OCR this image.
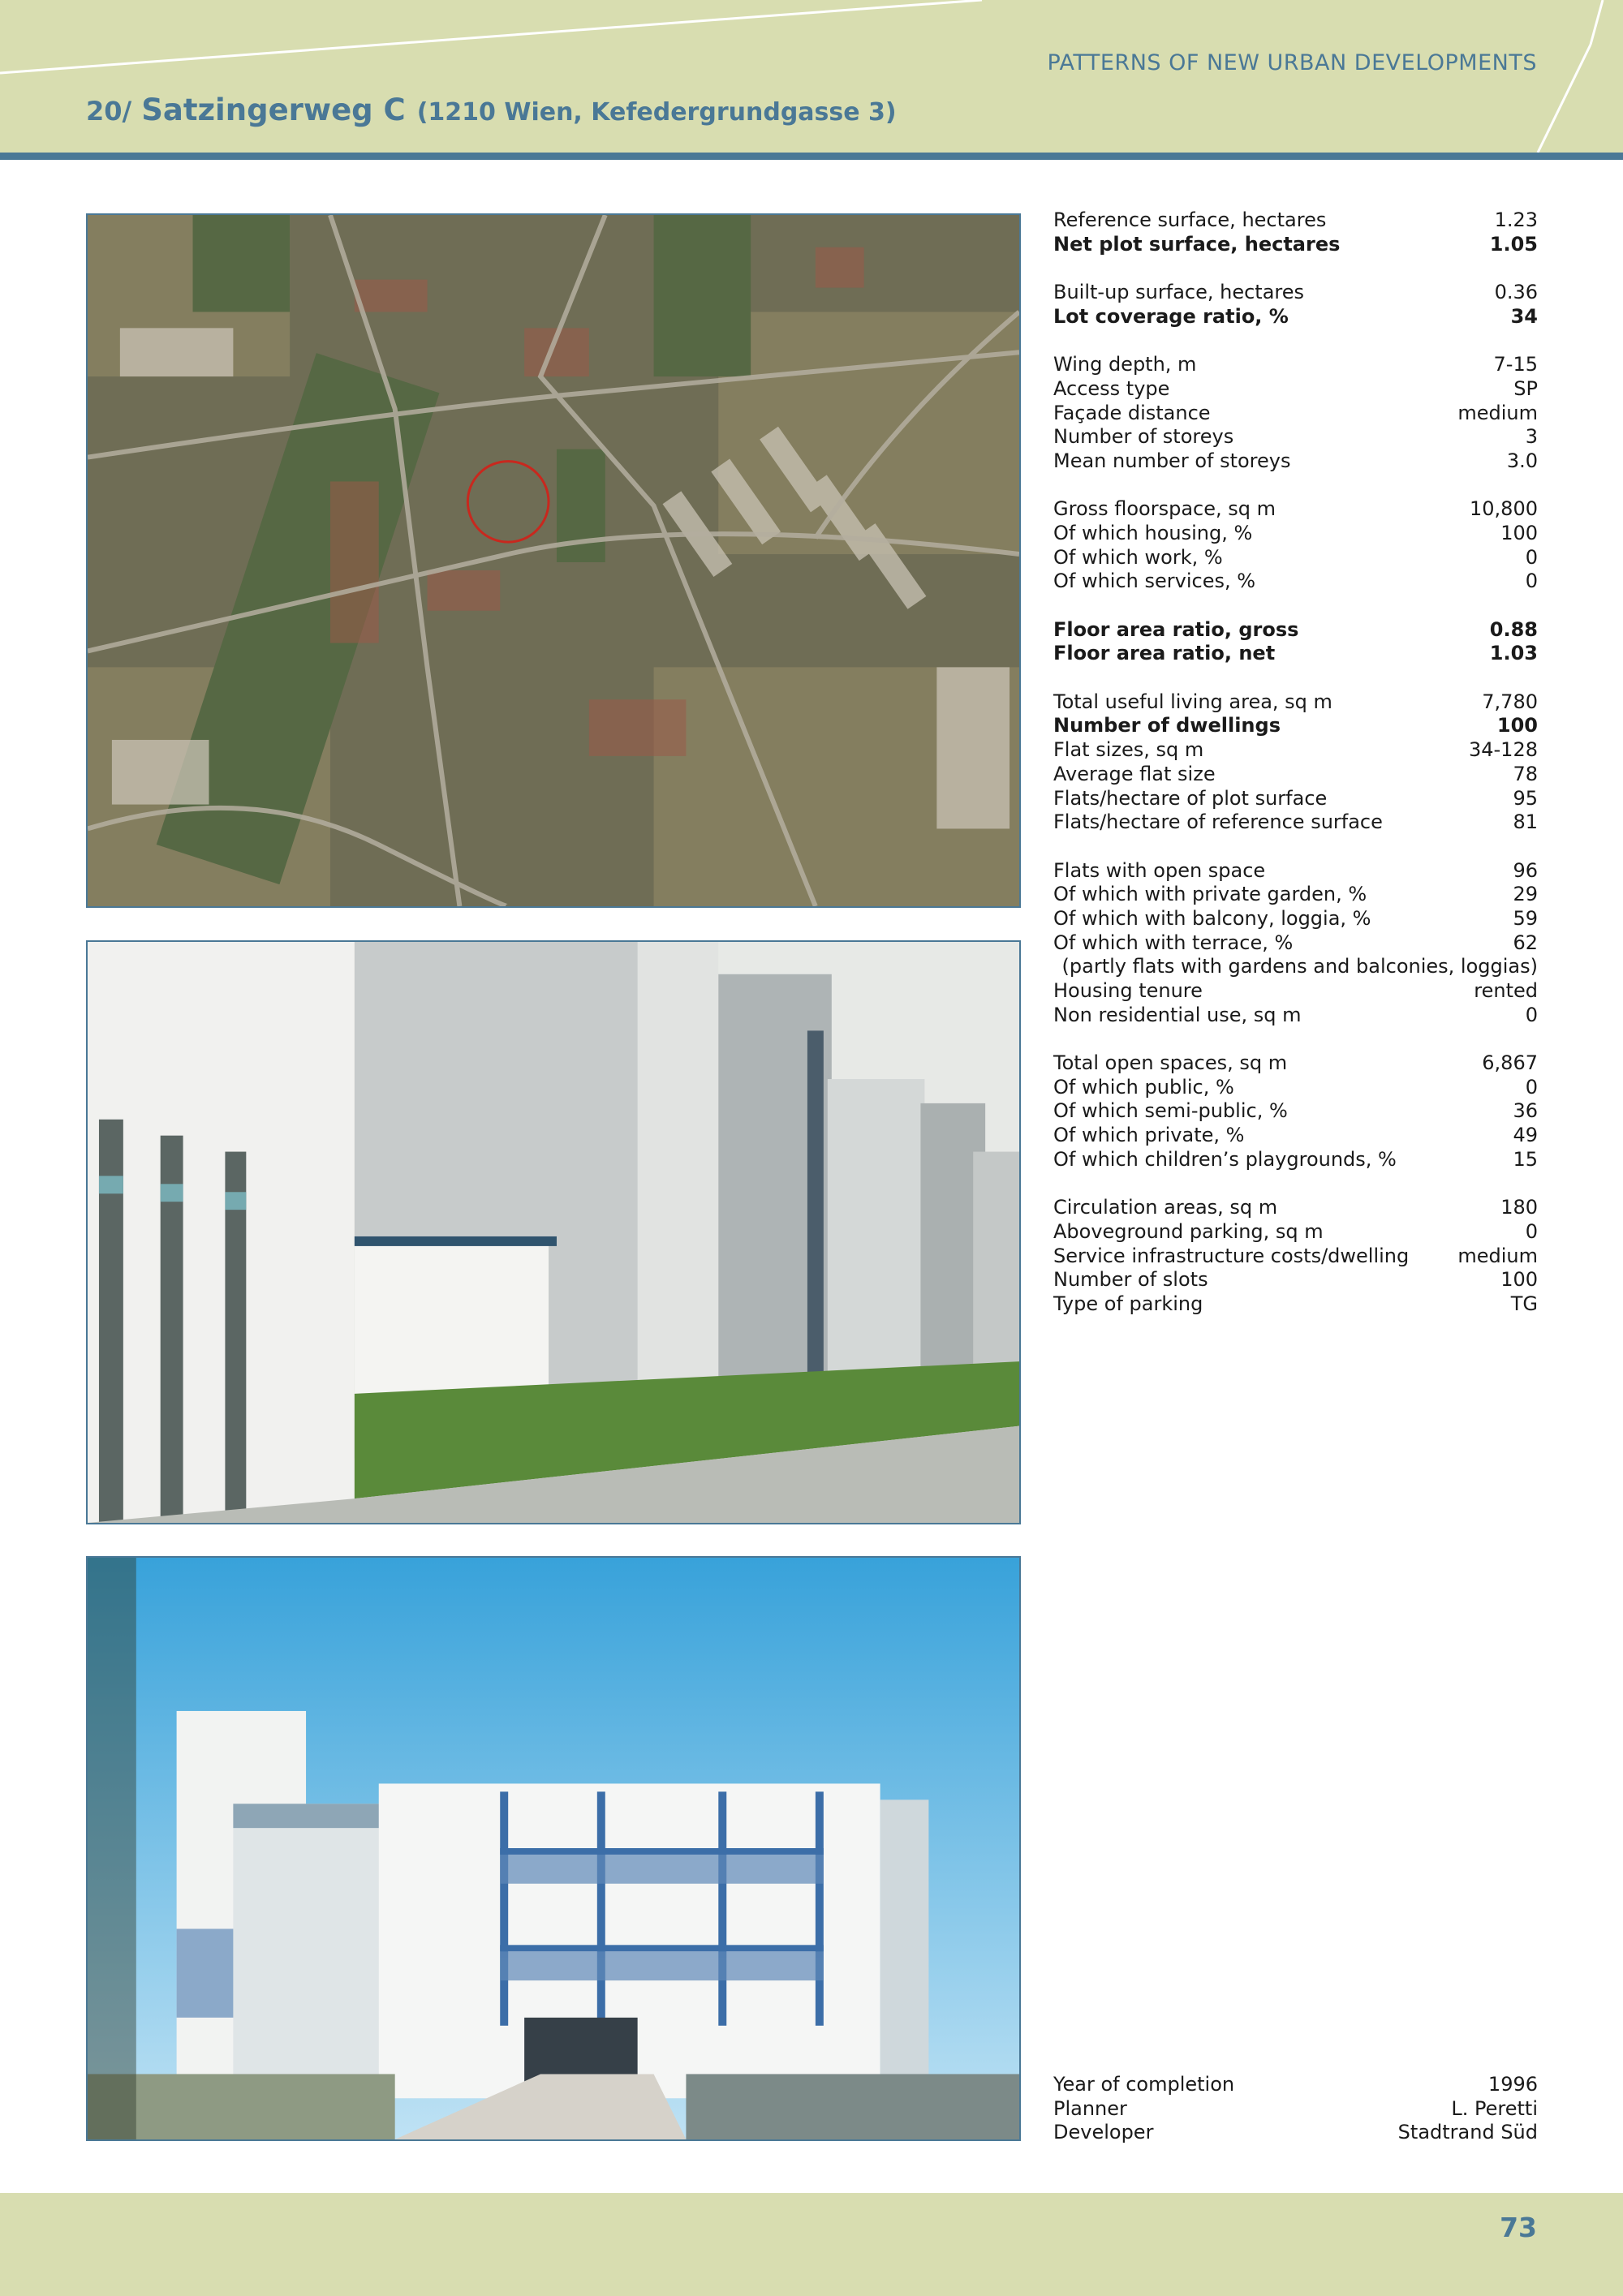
PATTERNS OF NEW URBAN DEVELOPMENTS
20/ Satzingerweg C (1210 Wien, Kefedergrundgasse 3)
Reference surface, hectares	1.23
Net plot surface, hectares	1.05
Built-up surface, hectares	0.36
Lot coverage ratio, %	34
Wing depth, m	7-15
Access type	SP
Façade distance	medium
Number of storeys	3
Mean number of storeys	3.0
Gross floorspace, sq m	10,800
Of which housing, %	100
Of which work, %	0
Of which services, %	0
Floor area ratio, gross	0.88
Floor area ratio, net	1.03
Total useful living area, sq m	7,780
Number of dwellings	100
Flat sizes, sq m	34-128
Average flat size	78
Flats/hectare of plot surface	95
Flats/hectare of reference surface	81
Flats with open space	96
Of which with private garden, %	29
Of which with balcony, loggia, %	59
Of which with terrace, %	62
(partly flats with gardens and balconies, loggias)
Housing tenure	rented
Non residential use, sq m	0
Total open spaces, sq m	6,867
Of which public, %	0
Of which semi-public, %	36
Of which private, %	49
Of which children’s playgrounds, %	15
Circulation areas, sq m	180
Aboveground parking, sq m	0
Service infrastructure costs/dwelling	medium
Number of slots	100
Type of parking	TG
Year of completion	1996
Planner	L. Peretti
Developer	Stadtrand Süd
73
